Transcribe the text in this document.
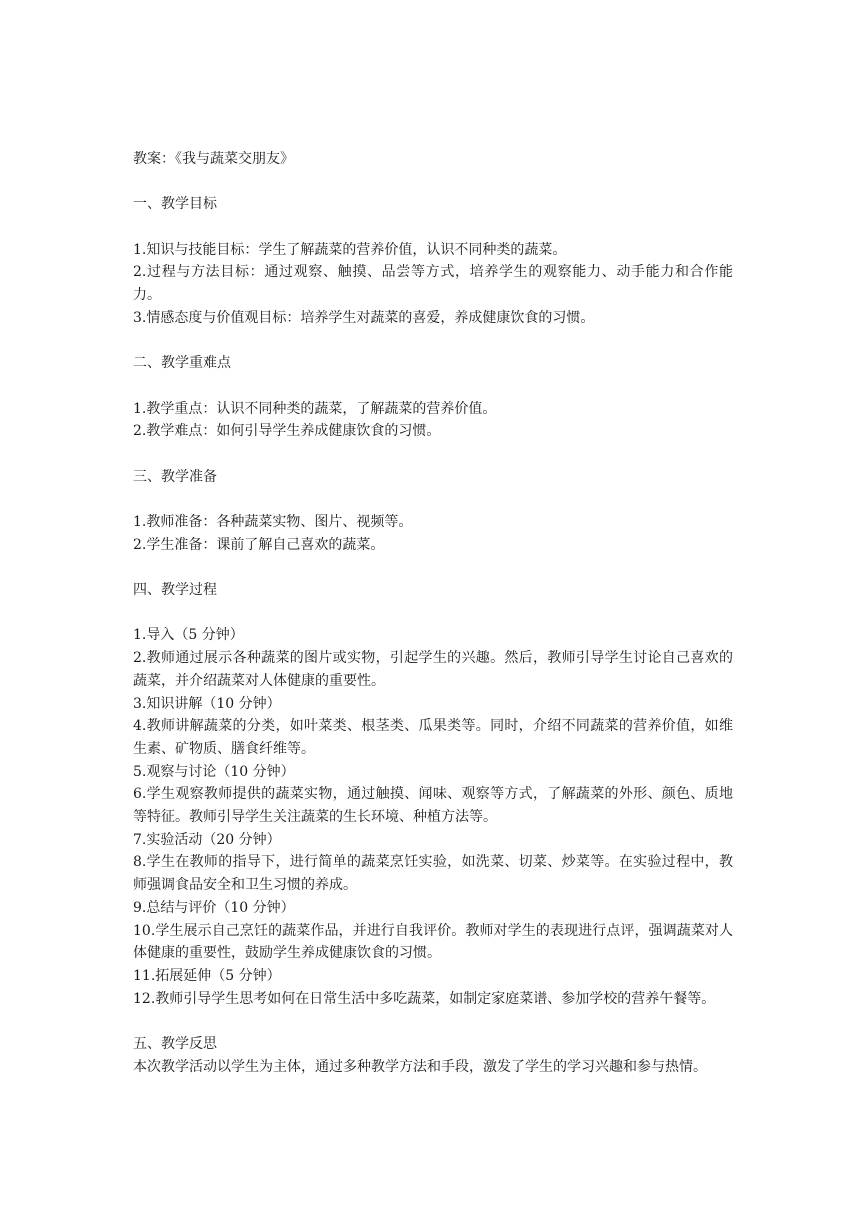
教案：《我与蔬菜交朋友》
一、教学目标
1.知识与技能目标：学生了解蔬菜的营养价值，认识不同种类的蔬菜。
2.过程与方法目标：通过观察、触摸、品尝等方式，培养学生的观察能力、动手能力和合作能力。
3.情感态度与价值观目标：培养学生对蔬菜的喜爱，养成健康饮食的习惯。
二、教学重难点
1.教学重点：认识不同种类的蔬菜，了解蔬菜的营养价值。
2.教学难点：如何引导学生养成健康饮食的习惯。
三、教学准备
1.教师准备：各种蔬菜实物、图片、视频等。
2.学生准备：课前了解自己喜欢的蔬菜。
四、教学过程
1.导入（5 分钟）
2.教师通过展示各种蔬菜的图片或实物，引起学生的兴趣。然后，教师引导学生讨论自己喜欢的蔬菜，并介绍蔬菜对人体健康的重要性。
3.知识讲解（10 分钟）
4.教师讲解蔬菜的分类，如叶菜类、根茎类、瓜果类等。同时，介绍不同蔬菜的营养价值，如维生素、矿物质、膳食纤维等。
5.观察与讨论（10 分钟）
6.学生观察教师提供的蔬菜实物，通过触摸、闻味、观察等方式，了解蔬菜的外形、颜色、质地等特征。教师引导学生关注蔬菜的生长环境、种植方法等。
7.实验活动（20 分钟）
8.学生在教师的指导下，进行简单的蔬菜烹饪实验，如洗菜、切菜、炒菜等。在实验过程中，教师强调食品安全和卫生习惯的养成。
9.总结与评价（10 分钟）
10.学生展示自己烹饪的蔬菜作品，并进行自我评价。教师对学生的表现进行点评，强调蔬菜对人体健康的重要性，鼓励学生养成健康饮食的习惯。
11.拓展延伸（5 分钟）
12.教师引导学生思考如何在日常生活中多吃蔬菜，如制定家庭菜谱、参加学校的营养午餐等。
五、教学反思
本次教学活动以学生为主体，通过多种教学方法和手段，激发了学生的学习兴趣和参与热情。
